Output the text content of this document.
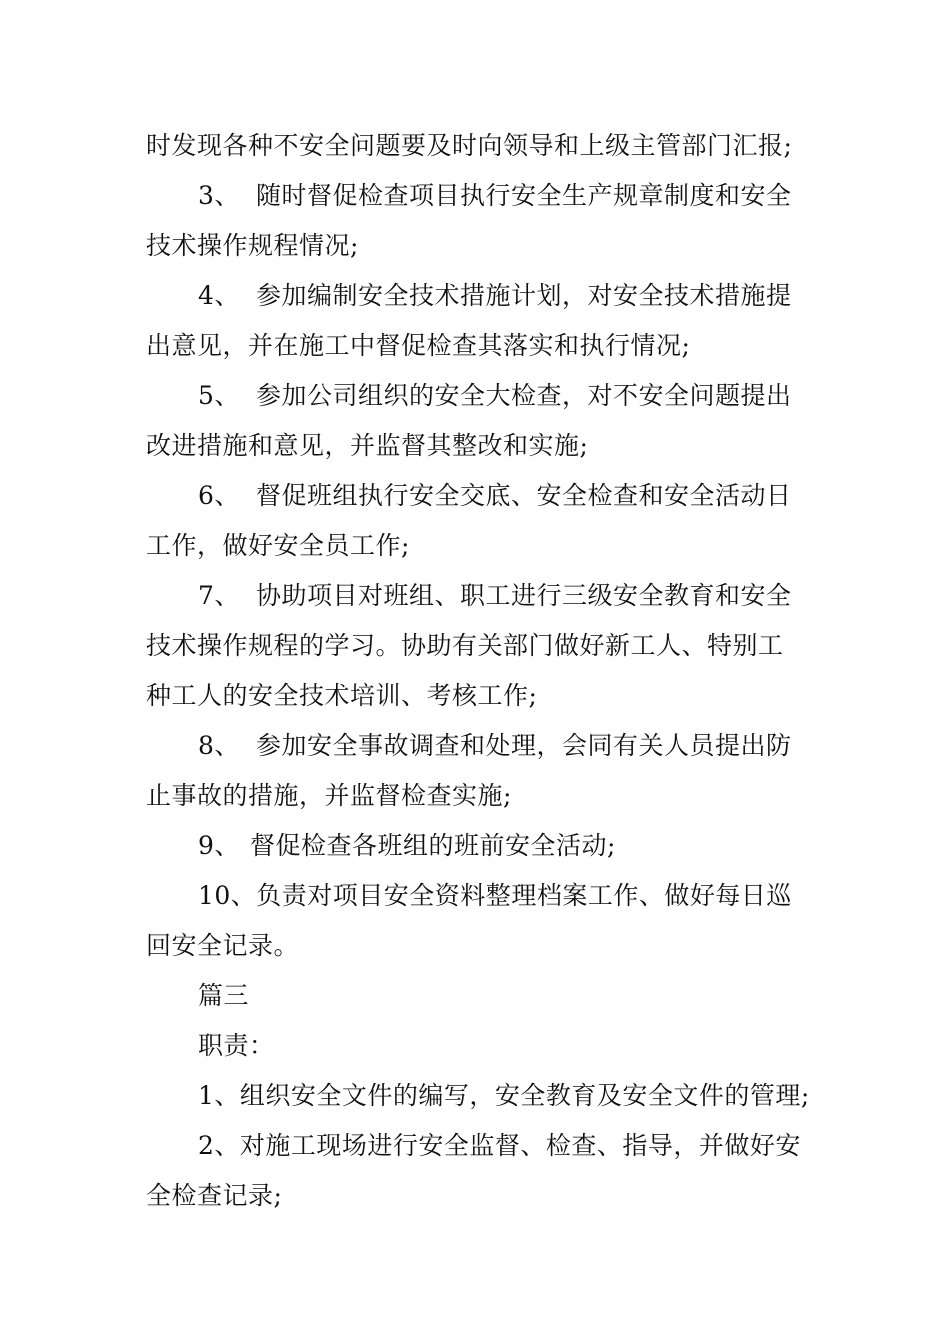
时发现各种不安全问题要及时向领导和上级主管部门汇报;
3、 随时督促检查项目执行安全生产规章制度和安全
技术操作规程情况;
4、 参加编制安全技术措施计划，对安全技术措施提
出意见，并在施工中督促检查其落实和执行情况;
5、 参加公司组织的安全大检查，对不安全问题提出
改进措施和意见，并监督其整改和实施;
6、 督促班组执行安全交底、安全检查和安全活动日
工作，做好安全员工作;
7、 协助项目对班组、职工进行三级安全教育和安全
技术操作规程的学习。协助有关部门做好新工人、特别工
种工人的安全技术培训、考核工作;
8、 参加安全事故调查和处理，会同有关人员提出防
止事故的措施，并监督检查实施;
9、 督促检查各班组的班前安全活动;
10、负责对项目安全资料整理档案工作、做好每日巡
回安全记录。
篇三
职责：
1、组织安全文件的编写，安全教育及安全文件的管理;
2、对施工现场进行安全监督、检查、指导，并做好安
全检查记录;
